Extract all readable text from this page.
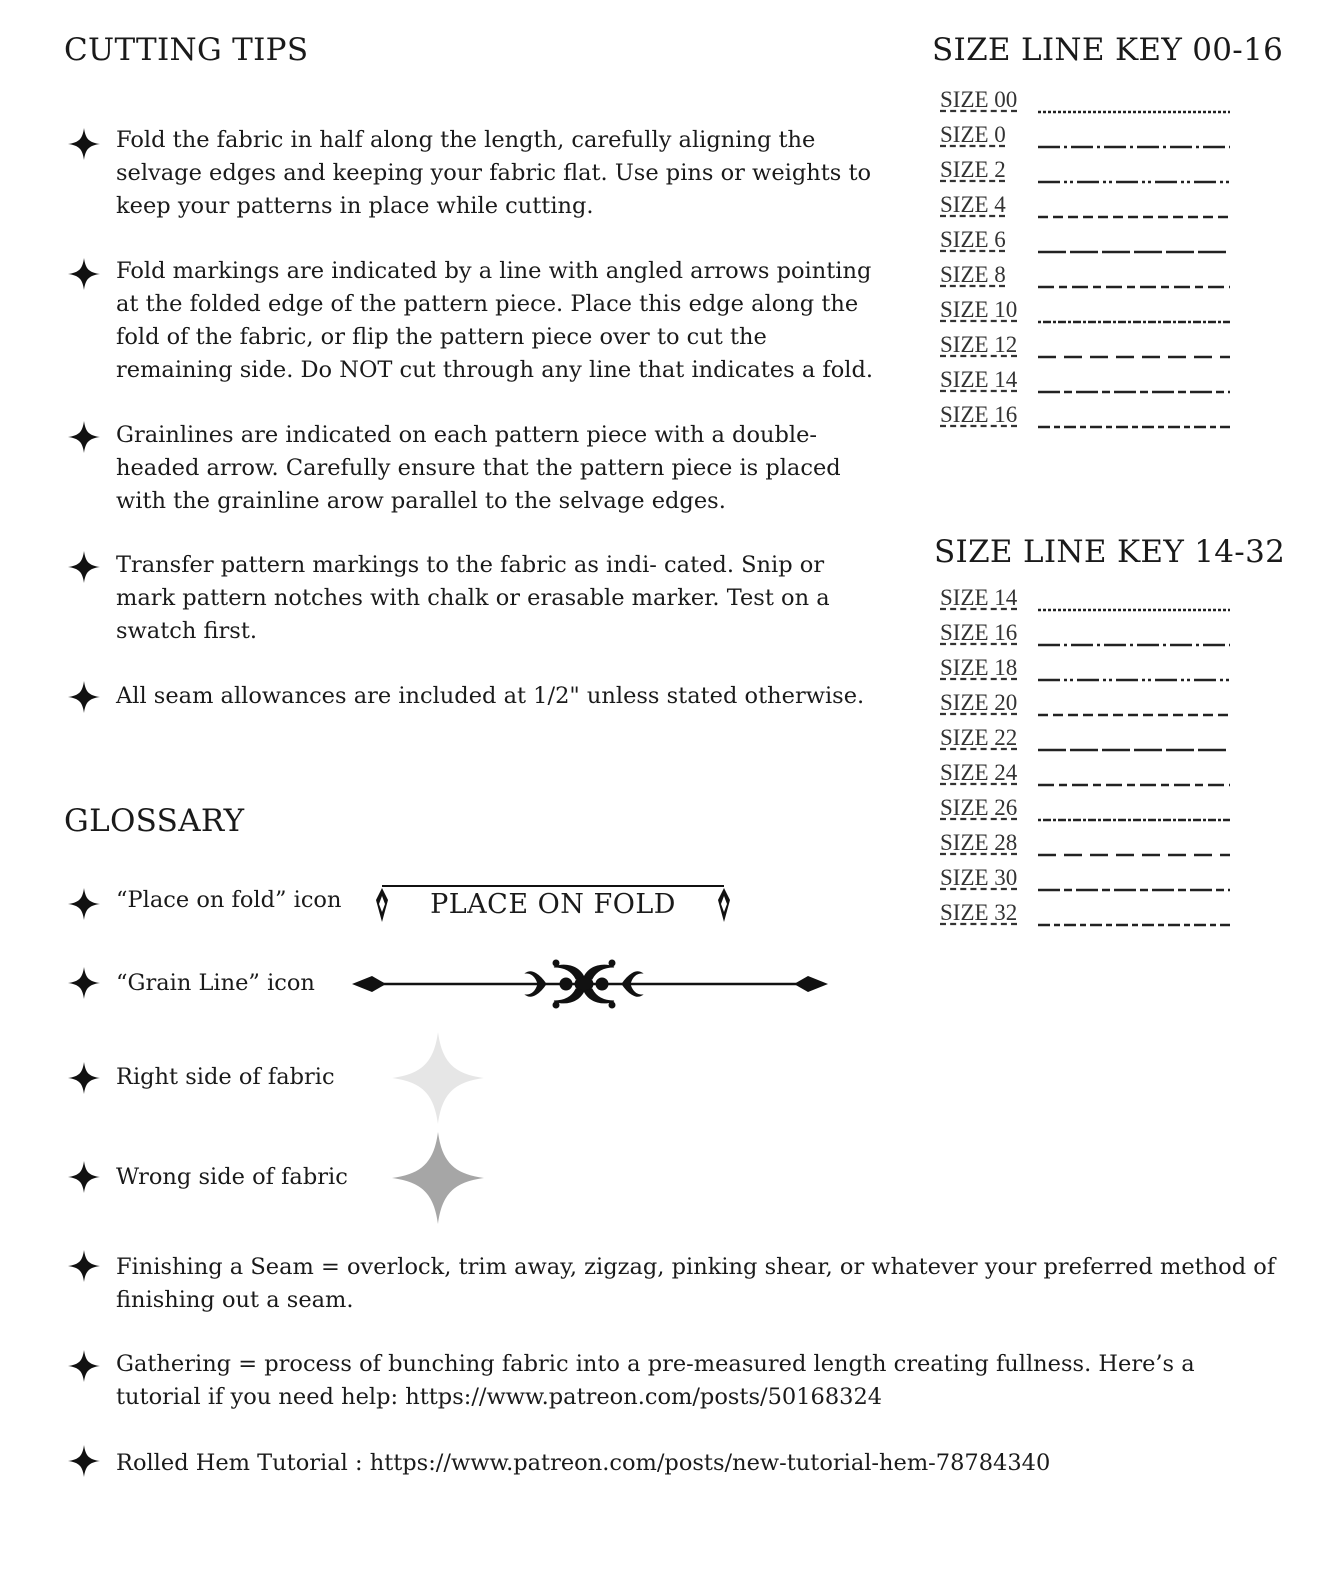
CUTTING TIPS

Fold the fabric in half along the length, carefully aligning the selvage edges and keeping your fabric flat. Use pins or weights to keep your patterns in place while cutting.

Fold markings are indicated by a line with angled arrows pointing at the folded edge of the pattern piece. Place this edge along the fold of the fabric, or flip the pattern piece over to cut the remaining side. Do NOT cut through any line that indicates a fold.

Grainlines are indicated on each pattern piece with a double-headed arrow. Carefully ensure that the pattern piece is placed with the grainline arow parallel to the selvage edges.

Transfer pattern markings to the fabric as indi- cated. Snip or mark pattern notches with chalk or erasable marker. Test on a swatch first.

All seam allowances are included at 1/2" unless stated otherwise.

GLOSSARY

“Place on fold” icon	PLACE ON FOLD

“Grain Line” icon

Right side of fabric

Wrong side of fabric

Finishing a Seam = overlock, trim away, zigzag, pinking shear, or whatever your preferred method of finishing out a seam.

Gathering = process of bunching fabric into a pre-measured length creating fullness. Here’s a tutorial if you need help: https://www.patreon.com/posts/50168324

Rolled Hem Tutorial : https://www.patreon.com/posts/new-tutorial-hem-78784340

SIZE LINE KEY 00-16
SIZE 00
SIZE 0
SIZE 2
SIZE 4
SIZE 6
SIZE 8
SIZE 10
SIZE 12
SIZE 14
SIZE 16
SIZE LINE KEY 14-32
SIZE 14
SIZE 16
SIZE 18
SIZE 20
SIZE 22
SIZE 24
SIZE 26
SIZE 28
SIZE 30
SIZE 32
